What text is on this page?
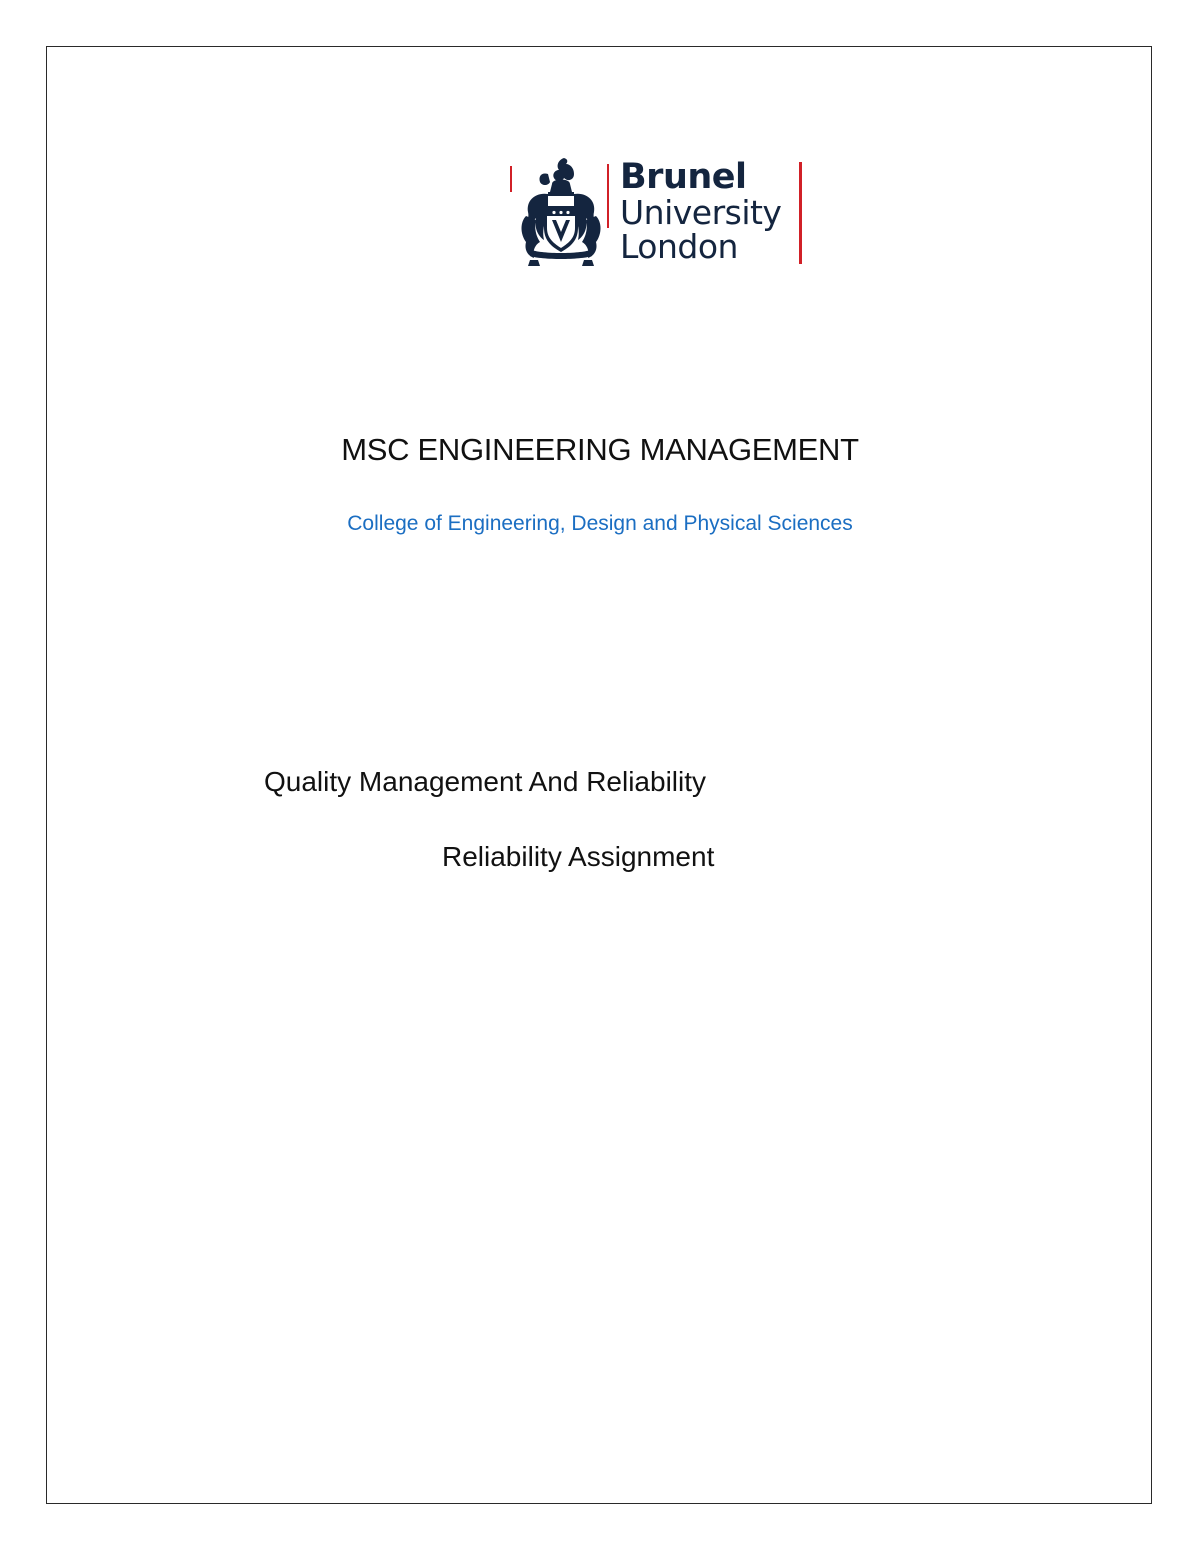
Brunel
University
London
MSC ENGINEERING MANAGEMENT
College of Engineering, Design and Physical Sciences
Quality Management And Reliability
Reliability Assignment
